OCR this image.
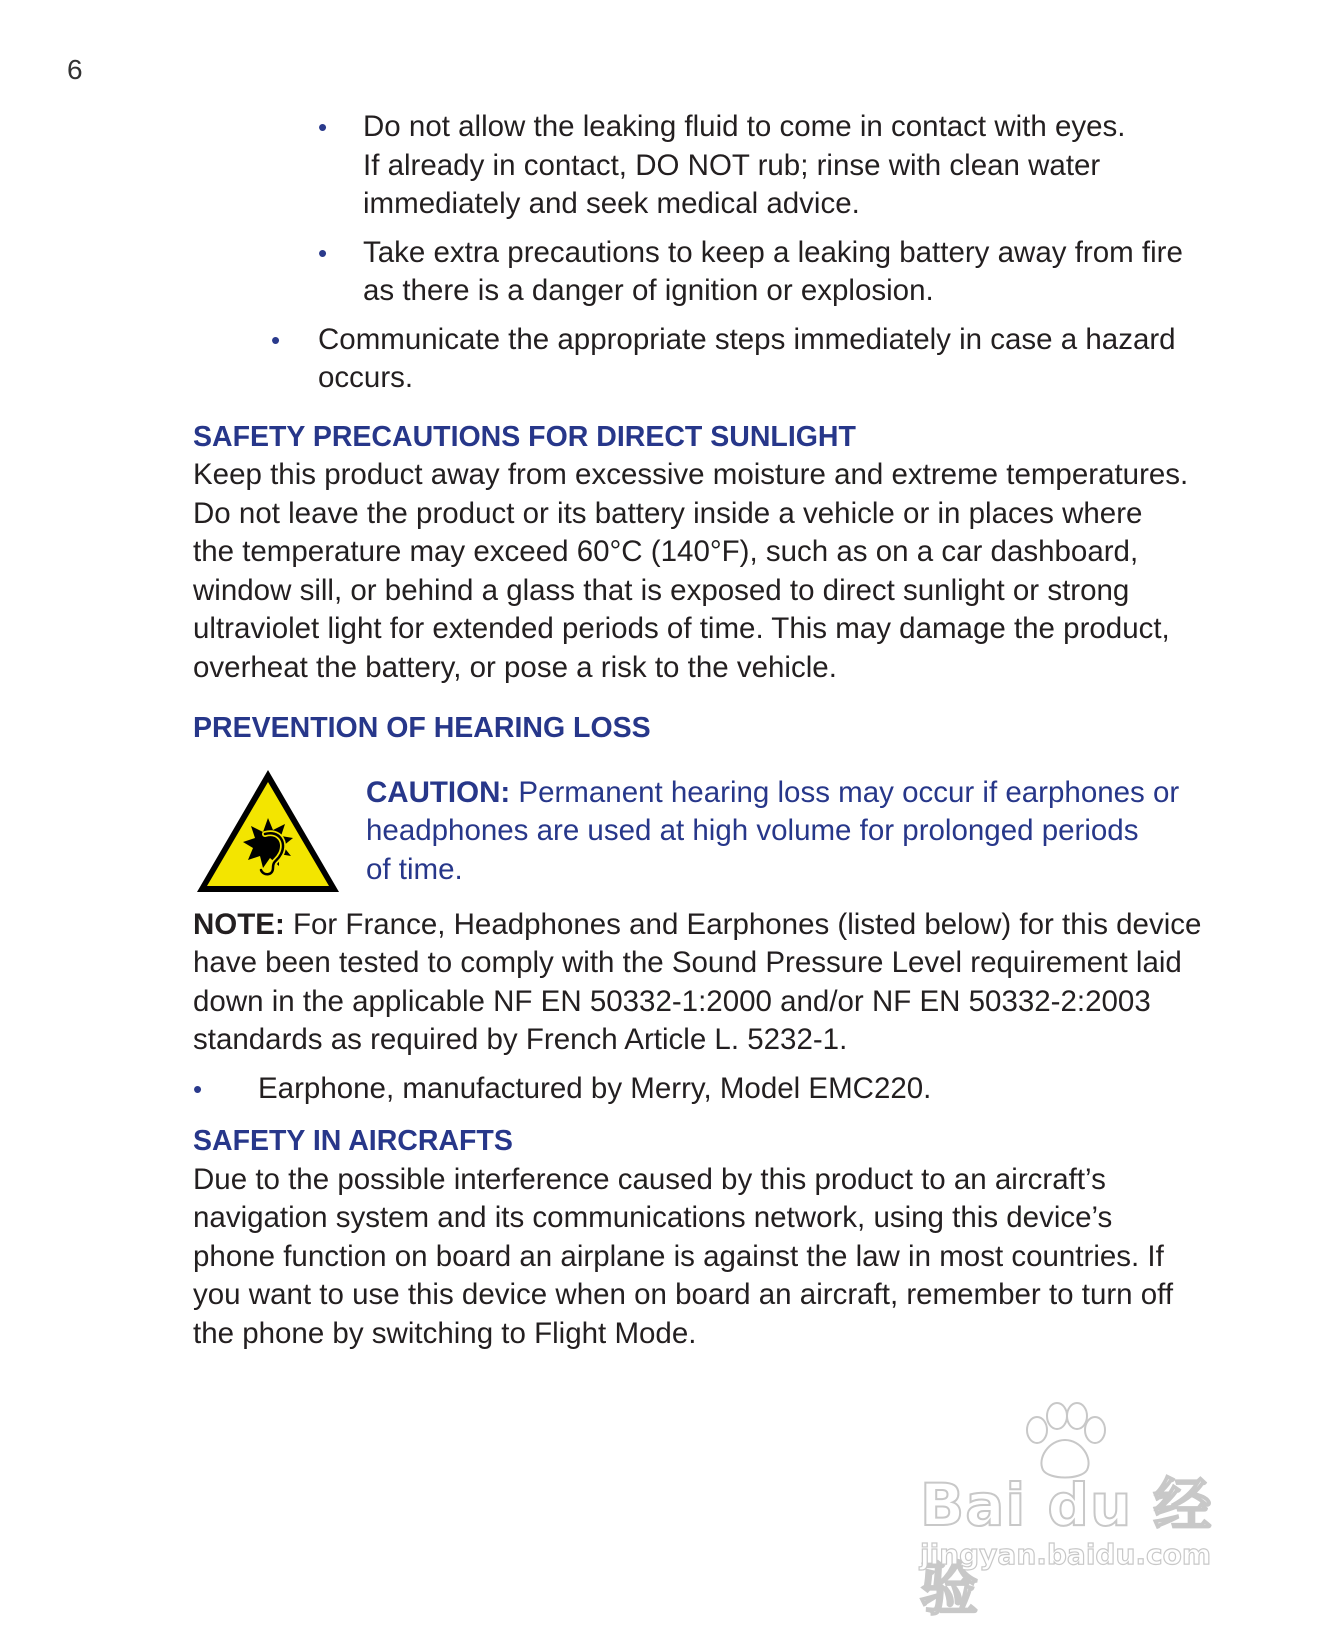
6
• Do not allow the leaking fluid to come in contact with eyes.
If already in contact, DO NOT rub; rinse with clean water
immediately and seek medical advice.
• Take extra precautions to keep a leaking battery away from fire
as there is a danger of ignition or explosion.
• Communicate the appropriate steps immediately in case a hazard
occurs.
SAFETY PRECAUTIONS FOR DIRECT SUNLIGHT
Keep this product away from excessive moisture and extreme temperatures.
Do not leave the product or its battery inside a vehicle or in places where
the temperature may exceed 60°C (140°F), such as on a car dashboard,
window sill, or behind a glass that is exposed to direct sunlight or strong
ultraviolet light for extended periods of time. This may damage the product,
overheat the battery, or pose a risk to the vehicle.
PREVENTION OF HEARING LOSS
CAUTION: Permanent hearing loss may occur if earphones or
headphones are used at high volume for prolonged periods
of time.
NOTE: For France, Headphones and Earphones (listed below) for this device
have been tested to comply with the Sound Pressure Level requirement laid
down in the applicable NF EN 50332-1:2000 and/or NF EN 50332-2:2003
standards as required by French Article L. 5232-1.
• Earphone, manufactured by Merry, Model EMC220.
SAFETY IN AIRCRAFTS
Due to the possible interference caused by this product to an aircraft’s
navigation system and its communications network, using this device’s
phone function on board an airplane is against the law in most countries. If
you want to use this device when on board an aircraft, remember to turn off
the phone by switching to Flight Mode.
Bai du 经验
jingyan.baidu.com
